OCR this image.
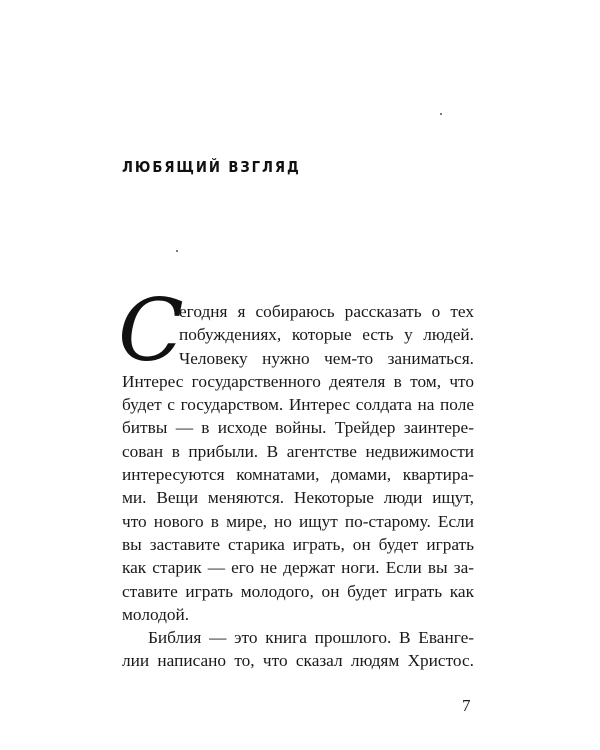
ЛЮБЯЩИЙ ВЗГЛЯД
С
егодня я собираюсь рассказать о тех
побуждениях, которые есть у людей.
Человеку нужно чем-то заниматься.
Интерес государственного деятеля в том, что
будет с государством. Интерес солдата на поле
битвы — в исходе войны. Трейдер заинтере-
сован в прибыли. В агентстве недвижимости
интересуются комнатами, домами, квартира-
ми. Вещи меняются. Некоторые люди ищут,
что нового в мире, но ищут по-старому. Если
вы заставите старика играть, он будет играть
как старик — его не держат ноги. Если вы за-
ставите играть молодого, он будет играть как
молодой.
Библия — это книга прошлого. В Еванге-
лии написано то, что сказал людям Христос.
7
